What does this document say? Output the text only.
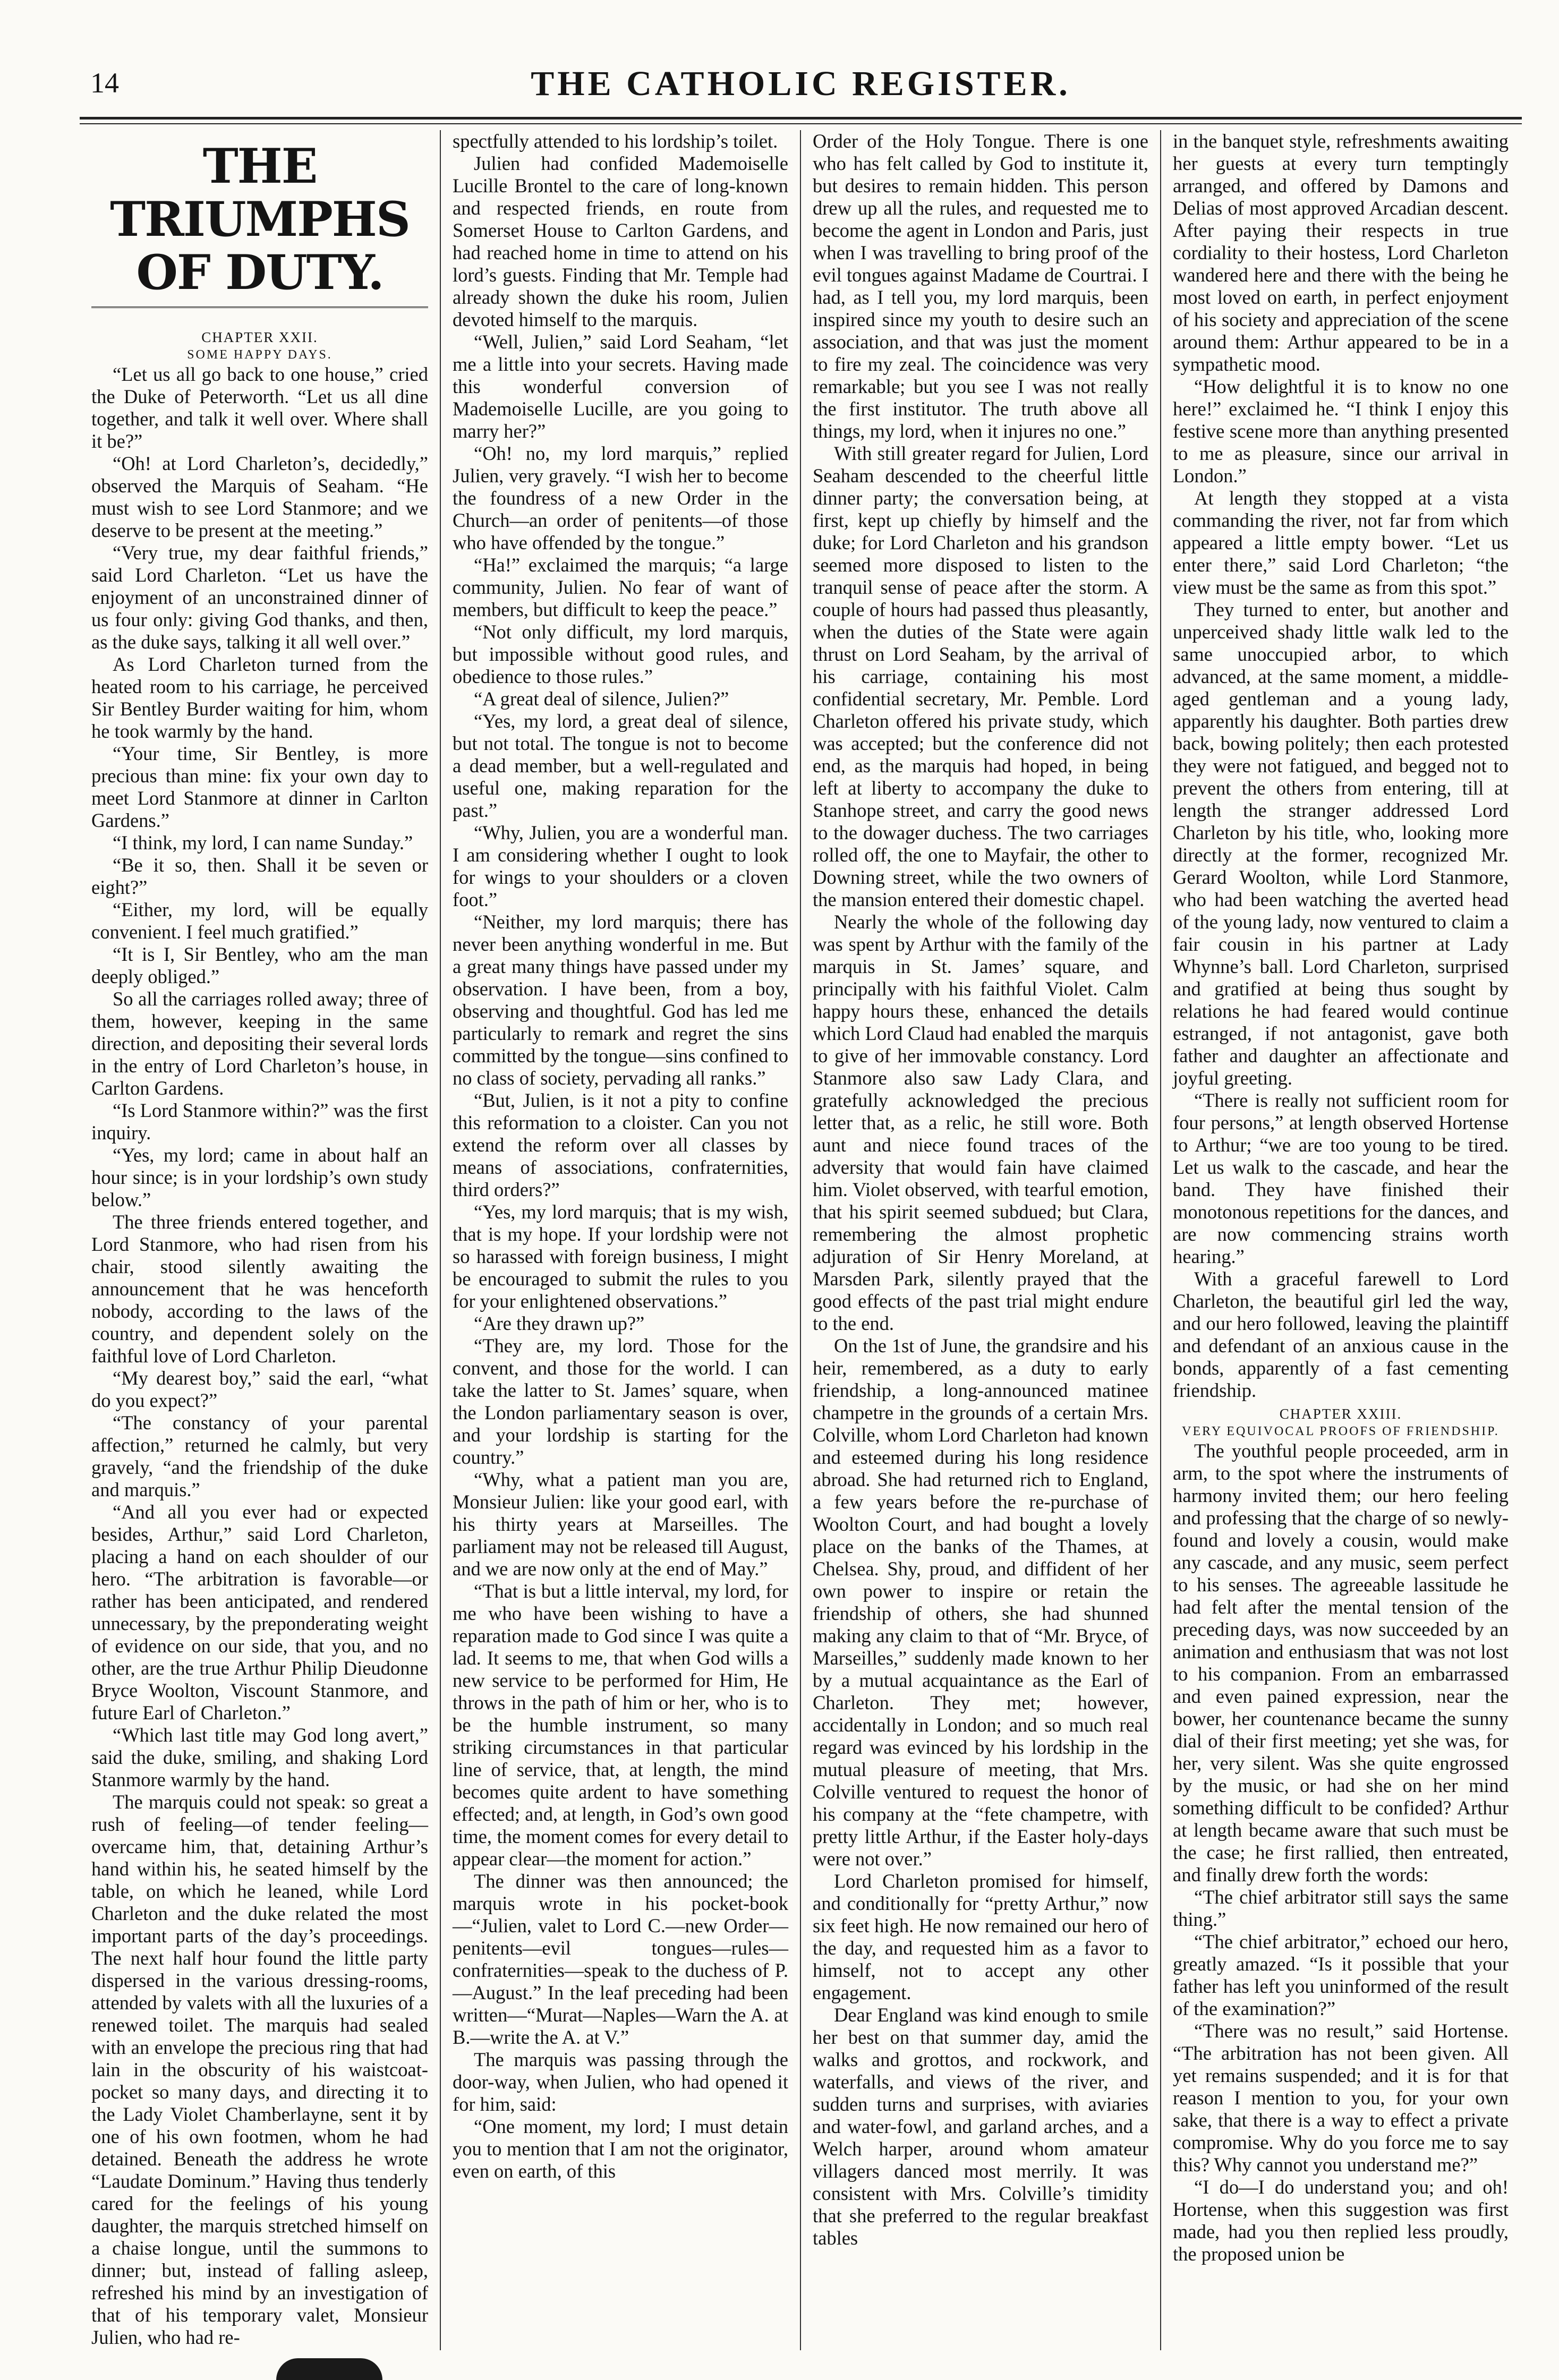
14	THE CATHOLIC REGISTER.
THE TRIUMPHS OF DUTY.

CHAPTER XXII.

SOME HAPPY DAYS.

“Let us all go back to one house,” cried the Duke of Peterworth. “Let us all dine together, and talk it well over. Where shall it be?”

“Oh! at Lord Charleton’s, decidedly,” observed the Marquis of Seaham. “He must wish to see Lord Stanmore; and we deserve to be present at the meeting.”

“Very true, my dear faithful friends,” said Lord Charleton. “Let us have the enjoyment of an unconstrained dinner of us four only: giving God thanks, and then, as the duke says, talking it all well over.”

As Lord Charleton turned from the heated room to his carriage, he perceived Sir Bentley Burder waiting for him, whom he took warmly by the hand.

“Your time, Sir Bentley, is more precious than mine: fix your own day to meet Lord Stanmore at dinner in Carlton Gardens.”

“I think, my lord, I can name Sunday.”

“Be it so, then. Shall it be seven or eight?”

“Either, my lord, will be equally convenient. I feel much gratified.”

“It is I, Sir Bentley, who am the man deeply obliged.”

So all the carriages rolled away; three of them, however, keeping in the same direction, and depositing their several lords in the entry of Lord Charleton’s house, in Carlton Gardens.

“Is Lord Stanmore within?” was the first inquiry.

“Yes, my lord; came in about half an hour since; is in your lordship’s own study below.”

The three friends entered together, and Lord Stanmore, who had risen from his chair, stood silently awaiting the announcement that he was henceforth nobody, according to the laws of the country, and dependent solely on the faithful love of Lord Charleton.

“My dearest boy,” said the earl, “what do you expect?”

“The constancy of your parental affection,” returned he calmly, but very gravely, “and the friendship of the duke and marquis.”

“And all you ever had or expected besides, Arthur,” said Lord Charleton, placing a hand on each shoulder of our hero. “The arbitration is favorable—or rather has been anticipated, and rendered unnecessary, by the preponderating weight of evidence on our side, that you, and no other, are the true Arthur Philip Dieudonne Bryce Woolton, Viscount Stanmore, and future Earl of Charleton.”

“Which last title may God long avert,” said the duke, smiling, and shaking Lord Stanmore warmly by the hand.

The marquis could not speak: so great a rush of feeling—of tender feeling—overcame him, that, detaining Arthur’s hand within his, he seated himself by the table, on which he leaned, while Lord Charleton and the duke related the most important parts of the day’s proceedings. The next half hour found the little party dispersed in the various dressing-rooms, attended by valets with all the luxuries of a renewed toilet. The marquis had sealed with an envelope the precious ring that had lain in the obscurity of his waistcoat-pocket so many days, and directing it to the Lady Violet Chamberlayne, sent it by one of his own footmen, whom he had detained. Beneath the address he wrote “Laudate Dominum.” Having thus tenderly cared for the feelings of his young daughter, the marquis stretched himself on a chaise longue, until the summons to dinner; but, instead of falling asleep, refreshed his mind by an investigation of that of his temporary valet, Monsieur Julien, who had re-

spectfully attended to his lordship’s toilet.

Julien had confided Mademoiselle Lucille Brontel to the care of long-known and respected friends, en route from Somerset House to Carlton Gardens, and had reached home in time to attend on his lord’s guests. Finding that Mr. Temple had already shown the duke his room, Julien devoted himself to the marquis.

“Well, Julien,” said Lord Seaham, “let me a little into your secrets. Having made this wonderful conversion of Mademoiselle Lucille, are you going to marry her?”

“Oh! no, my lord marquis,” replied Julien, very gravely. “I wish her to become the foundress of a new Order in the Church—an order of penitents—of those who have offended by the tongue.”

“Ha!” exclaimed the marquis; “a large community, Julien. No fear of want of members, but difficult to keep the peace.”

“Not only difficult, my lord marquis, but impossible without good rules, and obedience to those rules.”

“A great deal of silence, Julien?”

“Yes, my lord, a great deal of silence, but not total. The tongue is not to become a dead member, but a well-regulated and useful one, making reparation for the past.”

“Why, Julien, you are a wonderful man. I am considering whether I ought to look for wings to your shoulders or a cloven foot.”

“Neither, my lord marquis; there has never been anything wonderful in me. But a great many things have passed under my observation. I have been, from a boy, observing and thoughtful. God has led me particularly to remark and regret the sins committed by the tongue—sins confined to no class of society, pervading all ranks.”

“But, Julien, is it not a pity to confine this reformation to a cloister. Can you not extend the reform over all classes by means of associations, confraternities, third orders?”

“Yes, my lord marquis; that is my wish, that is my hope. If your lordship were not so harassed with foreign business, I might be encouraged to submit the rules to you for your enlightened observations.”

“Are they drawn up?”

“They are, my lord. Those for the convent, and those for the world. I can take the latter to St. James’ square, when the London parliamentary season is over, and your lordship is starting for the country.”

“Why, what a patient man you are, Monsieur Julien: like your good earl, with his thirty years at Marseilles. The parliament may not be released till August, and we are now only at the end of May.”

“That is but a little interval, my lord, for me who have been wishing to have a reparation made to God since I was quite a lad. It seems to me, that when God wills a new service to be performed for Him, He throws in the path of him or her, who is to be the humble instrument, so many striking circumstances in that particular line of service, that, at length, the mind becomes quite ardent to have something effected; and, at length, in God’s own good time, the moment comes for every detail to appear clear—the moment for action.”

The dinner was then announced; the marquis wrote in his pocket-book—“Julien, valet to Lord C.—new Order—penitents—evil tongues—rules—confraternities—speak to the duchess of P.—August.” In the leaf preceding had been written—“Murat—Naples—Warn the A. at B.—write the A. at V.”

The marquis was passing through the door-way, when Julien, who had opened it for him, said:

“One moment, my lord; I must detain you to mention that I am not the originator, even on earth, of this

Order of the Holy Tongue. There is one who has felt called by God to institute it, but desires to remain hidden. This person drew up all the rules, and requested me to become the agent in London and Paris, just when I was travelling to bring proof of the evil tongues against Madame de Courtrai. I had, as I tell you, my lord marquis, been inspired since my youth to desire such an association, and that was just the moment to fire my zeal. The coincidence was very remarkable; but you see I was not really the first institutor. The truth above all things, my lord, when it injures no one.”

With still greater regard for Julien, Lord Seaham descended to the cheerful little dinner party; the conversation being, at first, kept up chiefly by himself and the duke; for Lord Charleton and his grandson seemed more disposed to listen to the tranquil sense of peace after the storm. A couple of hours had passed thus pleasantly, when the duties of the State were again thrust on Lord Seaham, by the arrival of his carriage, containing his most confidential secretary, Mr. Pemble. Lord Charleton offered his private study, which was accepted; but the conference did not end, as the marquis had hoped, in being left at liberty to accompany the duke to Stanhope street, and carry the good news to the dowager duchess. The two carriages rolled off, the one to Mayfair, the other to Downing street, while the two owners of the mansion entered their domestic chapel.

Nearly the whole of the following day was spent by Arthur with the family of the marquis in St. James’ square, and principally with his faithful Violet. Calm happy hours these, enhanced the details which Lord Claud had enabled the marquis to give of her immovable constancy. Lord Stanmore also saw Lady Clara, and gratefully acknowledged the precious letter that, as a relic, he still wore. Both aunt and niece found traces of the adversity that would fain have claimed him. Violet observed, with tearful emotion, that his spirit seemed subdued; but Clara, remembering the almost prophetic adjuration of Sir Henry Moreland, at Marsden Park, silently prayed that the good effects of the past trial might endure to the end.

On the 1st of June, the grandsire and his heir, remembered, as a duty to early friendship, a long-announced matinee champetre in the grounds of a certain Mrs. Colville, whom Lord Charleton had known and esteemed during his long residence abroad. She had returned rich to England, a few years before the re-purchase of Woolton Court, and had bought a lovely place on the banks of the Thames, at Chelsea. Shy, proud, and diffident of her own power to inspire or retain the friendship of others, she had shunned making any claim to that of “Mr. Bryce, of Marseilles,” suddenly made known to her by a mutual acquaintance as the Earl of Charleton. They met; however, accidentally in London; and so much real regard was evinced by his lordship in the mutual pleasure of meeting, that Mrs. Colville ventured to request the honor of his company at the “fete champetre, with pretty little Arthur, if the Easter holy-days were not over.”

Lord Charleton promised for himself, and conditionally for “pretty Arthur,” now six feet high. He now remained our hero of the day, and requested him as a favor to himself, not to accept any other engagement.

Dear England was kind enough to smile her best on that summer day, amid the walks and grottos, and rockwork, and waterfalls, and views of the river, and sudden turns and surprises, with aviaries and water-fowl, and garland arches, and a Welch harper, around whom amateur villagers danced most merrily. It was consistent with Mrs. Colville’s timidity that she preferred to the regular breakfast tables

in the banquet style, refreshments awaiting her guests at every turn temptingly arranged, and offered by Damons and Delias of most approved Arcadian descent. After paying their respects in true cordiality to their hostess, Lord Charleton wandered here and there with the being he most loved on earth, in perfect enjoyment of his society and appreciation of the scene around them: Arthur appeared to be in a sympathetic mood.

“How delightful it is to know no one here!” exclaimed he. “I think I enjoy this festive scene more than anything presented to me as pleasure, since our arrival in London.”

At length they stopped at a vista commanding the river, not far from which appeared a little empty bower. “Let us enter there,” said Lord Charleton; “the view must be the same as from this spot.”

They turned to enter, but another and unperceived shady little walk led to the same unoccupied arbor, to which advanced, at the same moment, a middle-aged gentleman and a young lady, apparently his daughter. Both parties drew back, bowing politely; then each protested they were not fatigued, and begged not to prevent the others from entering, till at length the stranger addressed Lord Charleton by his title, who, looking more directly at the former, recognized Mr. Gerard Woolton, while Lord Stanmore, who had been watching the averted head of the young lady, now ventured to claim a fair cousin in his partner at Lady Whynne’s ball. Lord Charleton, surprised and gratified at being thus sought by relations he had feared would continue estranged, if not antagonist, gave both father and daughter an affectionate and joyful greeting.

“There is really not sufficient room for four persons,” at length observed Hortense to Arthur; “we are too young to be tired. Let us walk to the cascade, and hear the band. They have finished their monotonous repetitions for the dances, and are now commencing strains worth hearing.”

With a graceful farewell to Lord Charleton, the beautiful girl led the way, and our hero followed, leaving the plaintiff and defendant of an anxious cause in the bonds, apparently of a fast cementing friendship.

CHAPTER XXIII.

VERY EQUIVOCAL PROOFS OF FRIENDSHIP.

The youthful people proceeded, arm in arm, to the spot where the instruments of harmony invited them; our hero feeling and professing that the charge of so newly-found and lovely a cousin, would make any cascade, and any music, seem perfect to his senses. The agreeable lassitude he had felt after the mental tension of the preceding days, was now succeeded by an animation and enthusiasm that was not lost to his companion. From an embarrassed and even pained expression, near the bower, her countenance became the sunny dial of their first meeting; yet she was, for her, very silent. Was she quite engrossed by the music, or had she on her mind something difficult to be confided? Arthur at length became aware that such must be the case; he first rallied, then entreated, and finally drew forth the words:

“The chief arbitrator still says the same thing.”

“The chief arbitrator,” echoed our hero, greatly amazed. “Is it possible that your father has left you uninformed of the result of the examination?”

“There was no result,” said Hortense. “The arbitration has not been given. All yet remains suspended; and it is for that reason I mention to you, for your own sake, that there is a way to effect a private compromise. Why do you force me to say this? Why cannot you understand me?”

“I do—I do understand you; and oh! Hortense, when this suggestion was first made, had you then replied less proudly, the proposed union be
